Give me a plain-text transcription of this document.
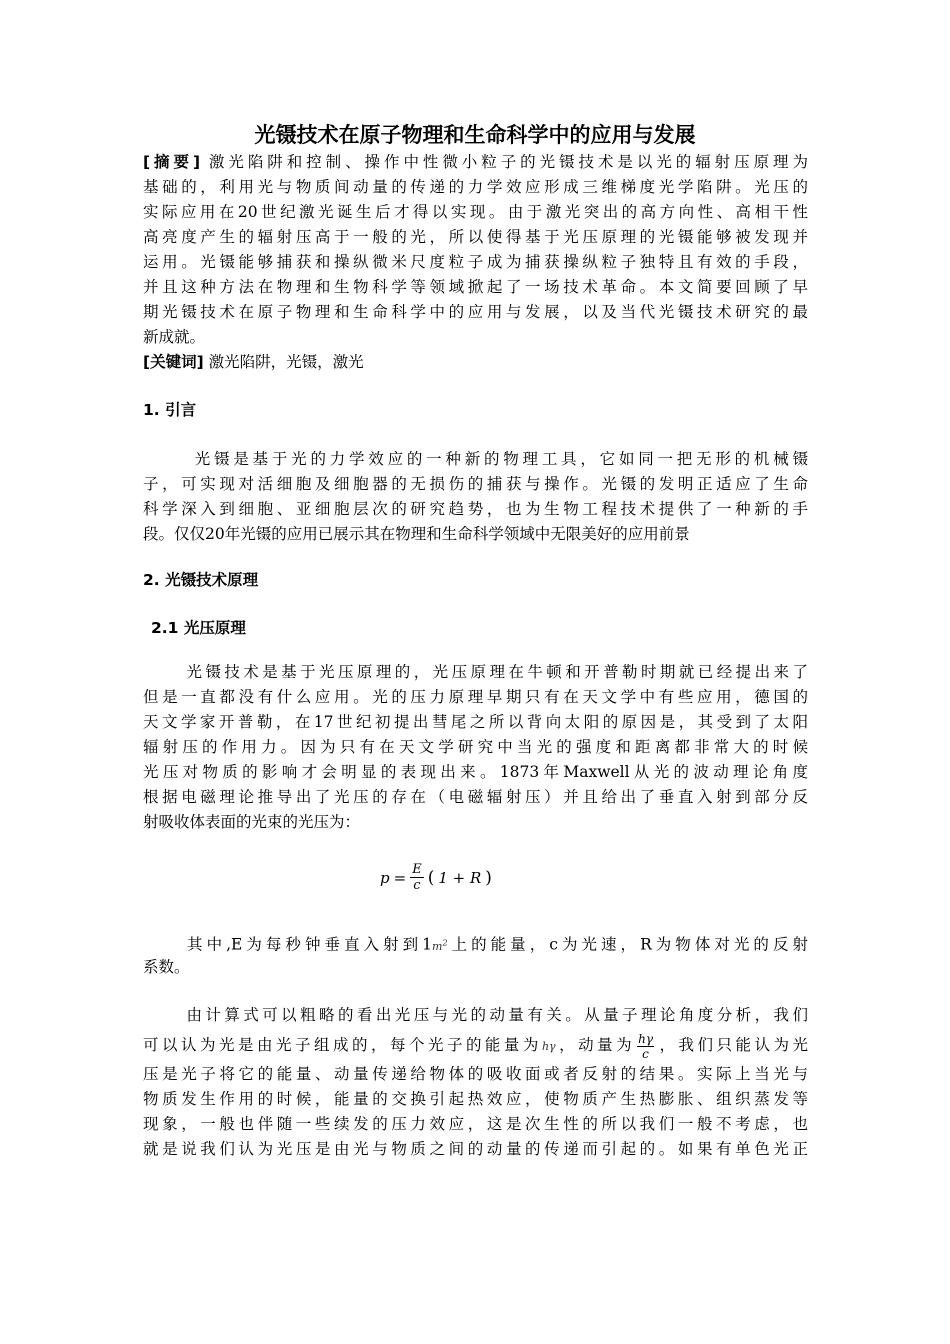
光镊技术在原子物理和生命科学中的应用与发展
[摘要] 激光陷阱和控制、操作中性微小粒子的光镊技术是以光的辐射压原理为
基础的，利用光与物质间动量的传递的力学效应形成三维梯度光学陷阱。光压的
实际应用在20世纪激光诞生后才得以实现。由于激光突出的高方向性、高相干性
高亮度产生的辐射压高于一般的光，所以使得基于光压原理的光镊能够被发现并
运用。光镊能够捕获和操纵微米尺度粒子成为捕获操纵粒子独特且有效的手段，
并且这种方法在物理和生物科学等领域掀起了一场技术革命。本文简要回顾了早
期光镊技术在原子物理和生命科学中的应用与发展，以及当代光镊技术研究的最
新成就。
[关键词] 激光陷阱，光镊，激光
1. 引言
光镊是基于光的力学效应的一种新的物理工具，它如同一把无形的机械镊
子，可实现对活细胞及细胞器的无损伤的捕获与操作。光镊的发明正适应了生命
科学深入到细胞、亚细胞层次的研究趋势，也为生物工程技术提供了一种新的手
段。仅仅20年光镊的应用已展示其在物理和生命科学领域中无限美好的应用前景
2. 光镊技术原理
2.1 光压原理
光镊技术是基于光压原理的，光压原理在牛顿和开普勒时期就已经提出来了
但是一直都没有什么应用。光的压力原理早期只有在天文学中有些应用，德国的
天文学家开普勒，在17世纪初提出彗尾之所以背向太阳的原因是，其受到了太阳
辐射压的作用力。因为只有在天文学研究中当光的强度和距离都非常大的时候
光压对物质的影响才会明显的表现出来。1873年Maxwell从光的波动理论角度
根据电磁理论推导出了光压的存在（电磁辐射压）并且给出了垂直入射到部分反
射吸收体表面的光束的光压为：
$p = \frac{E}{c}$ ( 1 + R )
其中,E为每秒钟垂直入射到$1m^2$上的能量，c为光速，R为物体对光的反射
系数。
由计算式可以粗略的看出光压与光的动量有关。从量子理论角度分析，我们
可以认为光是由光子组成的，每个光子的能量为hγ，动量为 $\frac{h\gamma}{c}$ ，我们只能认为光
压是光子将它的能量、动量传递给物体的吸收面或者反射的结果。实际上当光与
物质发生作用的时候，能量的交换引起热效应，使物质产生热膨胀、组织蒸发等
现象，一般也伴随一些续发的压力效应，这是次生性的所以我们一般不考虑，也
就是说我们认为光压是由光与物质之间的动量的传递而引起的。如果有单色光正
